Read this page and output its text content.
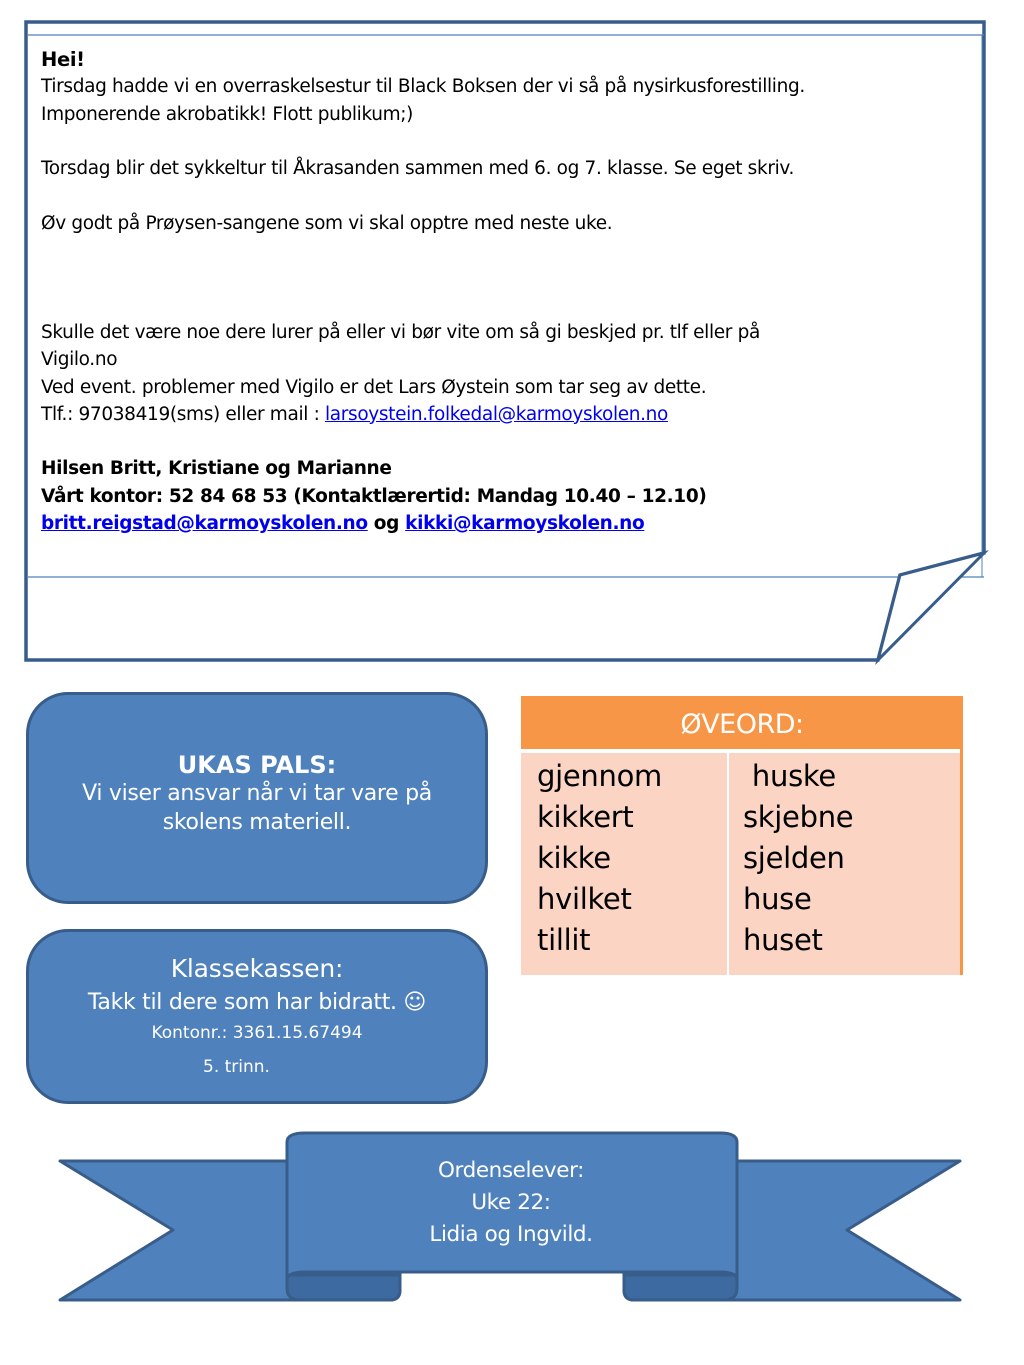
Hei!
Tirsdag hadde vi en overraskelsestur til Black Boksen der vi så på nysirkusforestilling.
Imponerende akrobatikk! Flott publikum;)
Torsdag blir det sykkeltur til Åkrasanden sammen med 6. og 7. klasse. Se eget skriv.
Øv godt på Prøysen-sangene som vi skal opptre med neste uke.
Skulle det være noe dere lurer på eller vi bør vite om så gi beskjed pr. tlf eller på
Vigilo.no
Ved event. problemer med Vigilo er det Lars Øystein som tar seg av dette.
Tlf.: 97038419(sms) eller mail : larsoystein.folkedal@karmoyskolen.no
Hilsen Britt, Kristiane og Marianne
Vårt kontor: 52 84 68 53 (Kontaktlærertid: Mandag 10.40 – 12.10)
britt.reigstad@karmoyskolen.no og kikki@karmoyskolen.no
UKAS PALS:
Vi viser ansvar når vi tar vare på
skolens materiell.
Klassekassen:
Takk til dere som har bidratt. ☺
Kontonr.: 3361.15.67494
5. trinn.
ØVEORD:
gjennom
kikkert
kikke
hvilket
tillit
huske
skjebne
sjelden
huse
huset
Ordenselever:
Uke 22:
Lidia og Ingvild.
